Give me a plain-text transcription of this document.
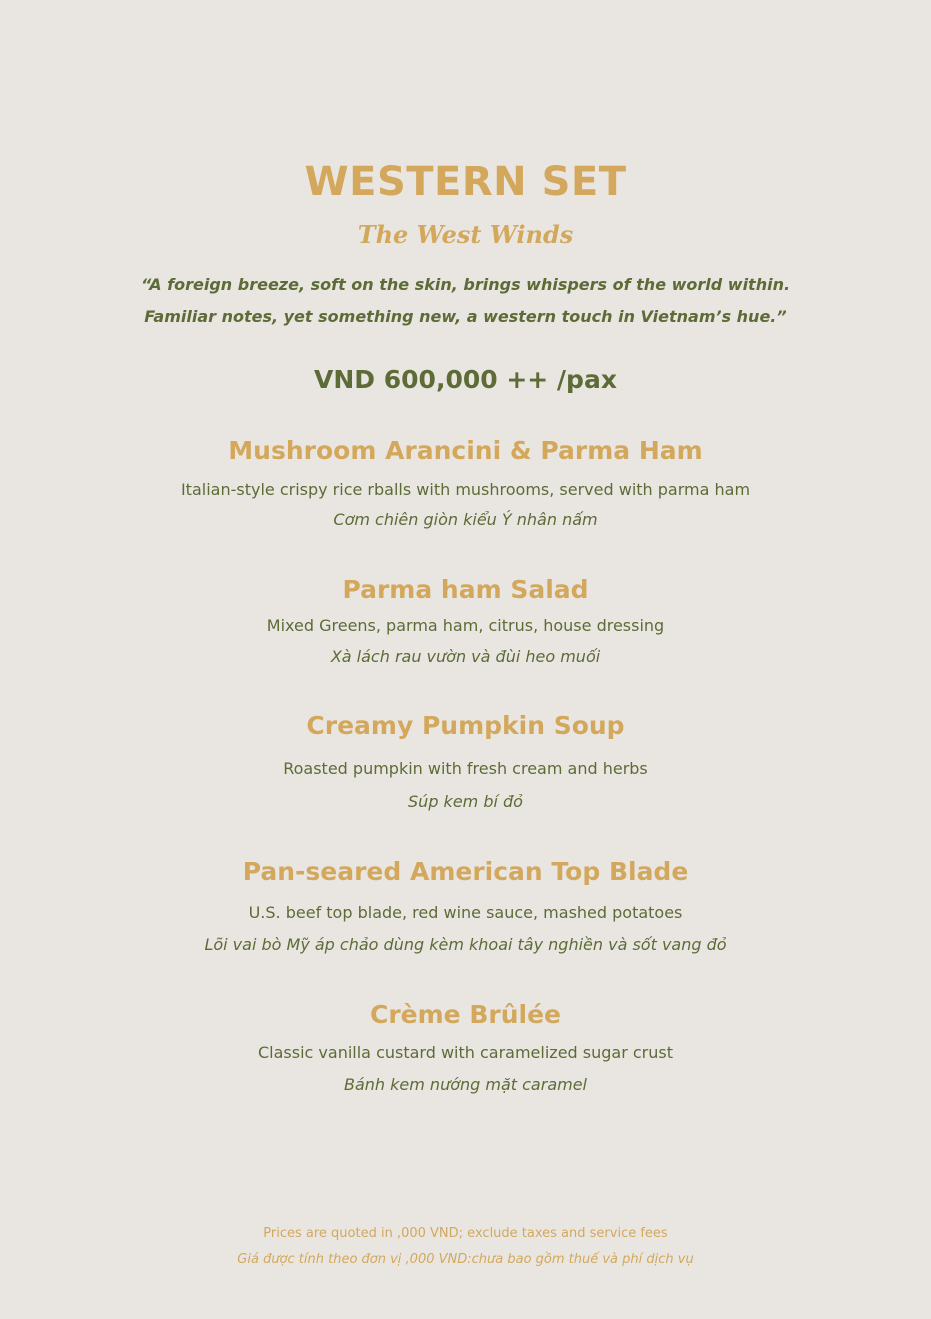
WESTERN SET
The West Winds
“A foreign breeze, soft on the skin, brings whispers of the world within.
Familiar notes, yet something new, a western touch in Vietnam’s hue.”
VND 600,000 ++ /pax
Mushroom Arancini & Parma Ham
Italian-style crispy rice rballs with mushrooms, served with parma ham
Cơm chiên giòn kiểu Ý nhân nấm
Parma ham Salad
Mixed Greens, parma ham, citrus, house dressing
Xà lách rau vườn và đùi heo muối
Creamy Pumpkin Soup
Roasted pumpkin with fresh cream and herbs
Súp kem bí đỏ
Pan-seared American Top Blade
U.S. beef top blade, red wine sauce, mashed potatoes
Lõi vai bò Mỹ áp chảo dùng kèm khoai tây nghiền và sốt vang đỏ
Crème Brûlée
Classic vanilla custard with caramelized sugar crust
Bánh kem nướng mặt caramel
Prices are quoted in ,000 VND; exclude taxes and service fees
Giá được tính theo đơn vị ,000 VND:chưa bao gồm thuế và phí dịch vụ
